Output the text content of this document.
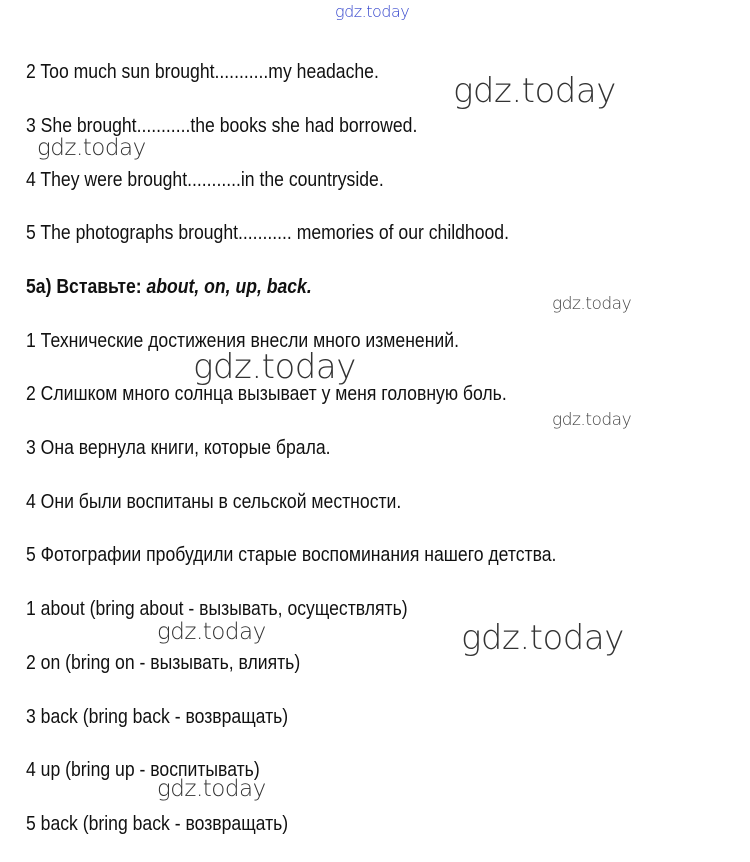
gdz.today
2 Too much sun brought...........my headache.
3 She brought...........the books she had borrowed.
4 They were brought...........in the countryside.
5 The photographs brought........... memories of our childhood.
5a) Вставьте: about, on, up, back.
1 Технические достижения внесли много изменений.
2 Слишком много солнца вызывает у меня головную боль.
3 Она вернула книги, которые брала.
4 Они были воспитаны в сельской местности.
5 Фотографии пробудили старые воспоминания нашего детства.
1 about (bring about - вызывать, осуществлять)
2 on (bring on - вызывать, влиять)
3 back (bring back - возвращать)
4 up (bring up - воспитывать)
5 back (bring back - возвращать)
gdz.today
gdz.today
gdz.today
gdz.today
gdz.today
gdz.today	gdz.today
gdz.today
